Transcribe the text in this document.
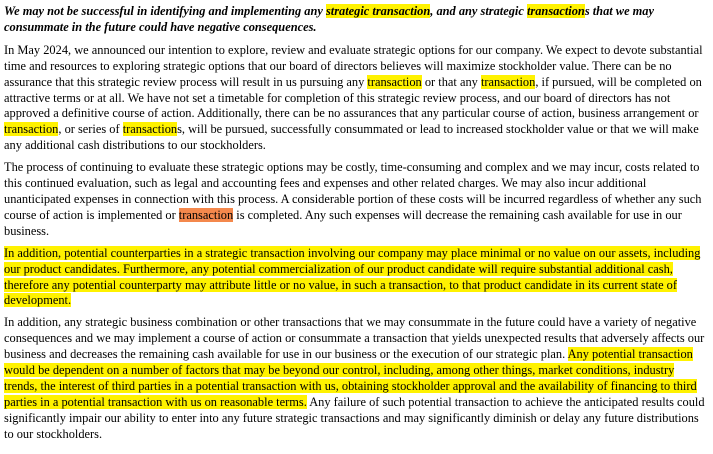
We may not be successful in identifying and implementing any strategic transaction, and any strategic transactions that we may consummate in the future could have negative consequences.

In May 2024, we announced our intention to explore, review and evaluate strategic options for our company. We expect to devote substantial time and resources to exploring strategic options that our board of directors believes will maximize stockholder value. There can be no assurance that this strategic review process will result in us pursuing any transaction or that any transaction, if pursued, will be completed on attractive terms or at all. We have not set a timetable for completion of this strategic review process, and our board of directors has not approved a definitive course of action. Additionally, there can be no assurances that any particular course of action, business arrangement or transaction, or series of transactions, will be pursued, successfully consummated or lead to increased stockholder value or that we will make any additional cash distributions to our stockholders.

The process of continuing to evaluate these strategic options may be costly, time-consuming and complex and we may incur, costs related to this continued evaluation, such as legal and accounting fees and expenses and other related charges. We may also incur additional unanticipated expenses in connection with this process. A considerable portion of these costs will be incurred regardless of whether any such course of action is implemented or transaction is completed. Any such expenses will decrease the remaining cash available for use in our business.

In addition, potential counterparties in a strategic transaction involving our company may place minimal or no value on our assets, including our product candidates. Furthermore, any potential commercialization of our product candidate will require substantial additional cash, therefore any potential counterparty may attribute little or no value, in such a transaction, to that product candidate in its current state of development.

In addition, any strategic business combination or other transactions that we may consummate in the future could have a variety of negative consequences and we may implement a course of action or consummate a transaction that yields unexpected results that adversely affects our business and decreases the remaining cash available for use in our business or the execution of our strategic plan. Any potential transaction would be dependent on a number of factors that may be beyond our control, including, among other things, market conditions, industry trends, the interest of third parties in a potential transaction with us, obtaining stockholder approval and the availability of financing to third parties in a potential transaction with us on reasonable terms. Any failure of such potential transaction to achieve the anticipated results could significantly impair our ability to enter into any future strategic transactions and may significantly diminish or delay any future distributions to our stockholders.
